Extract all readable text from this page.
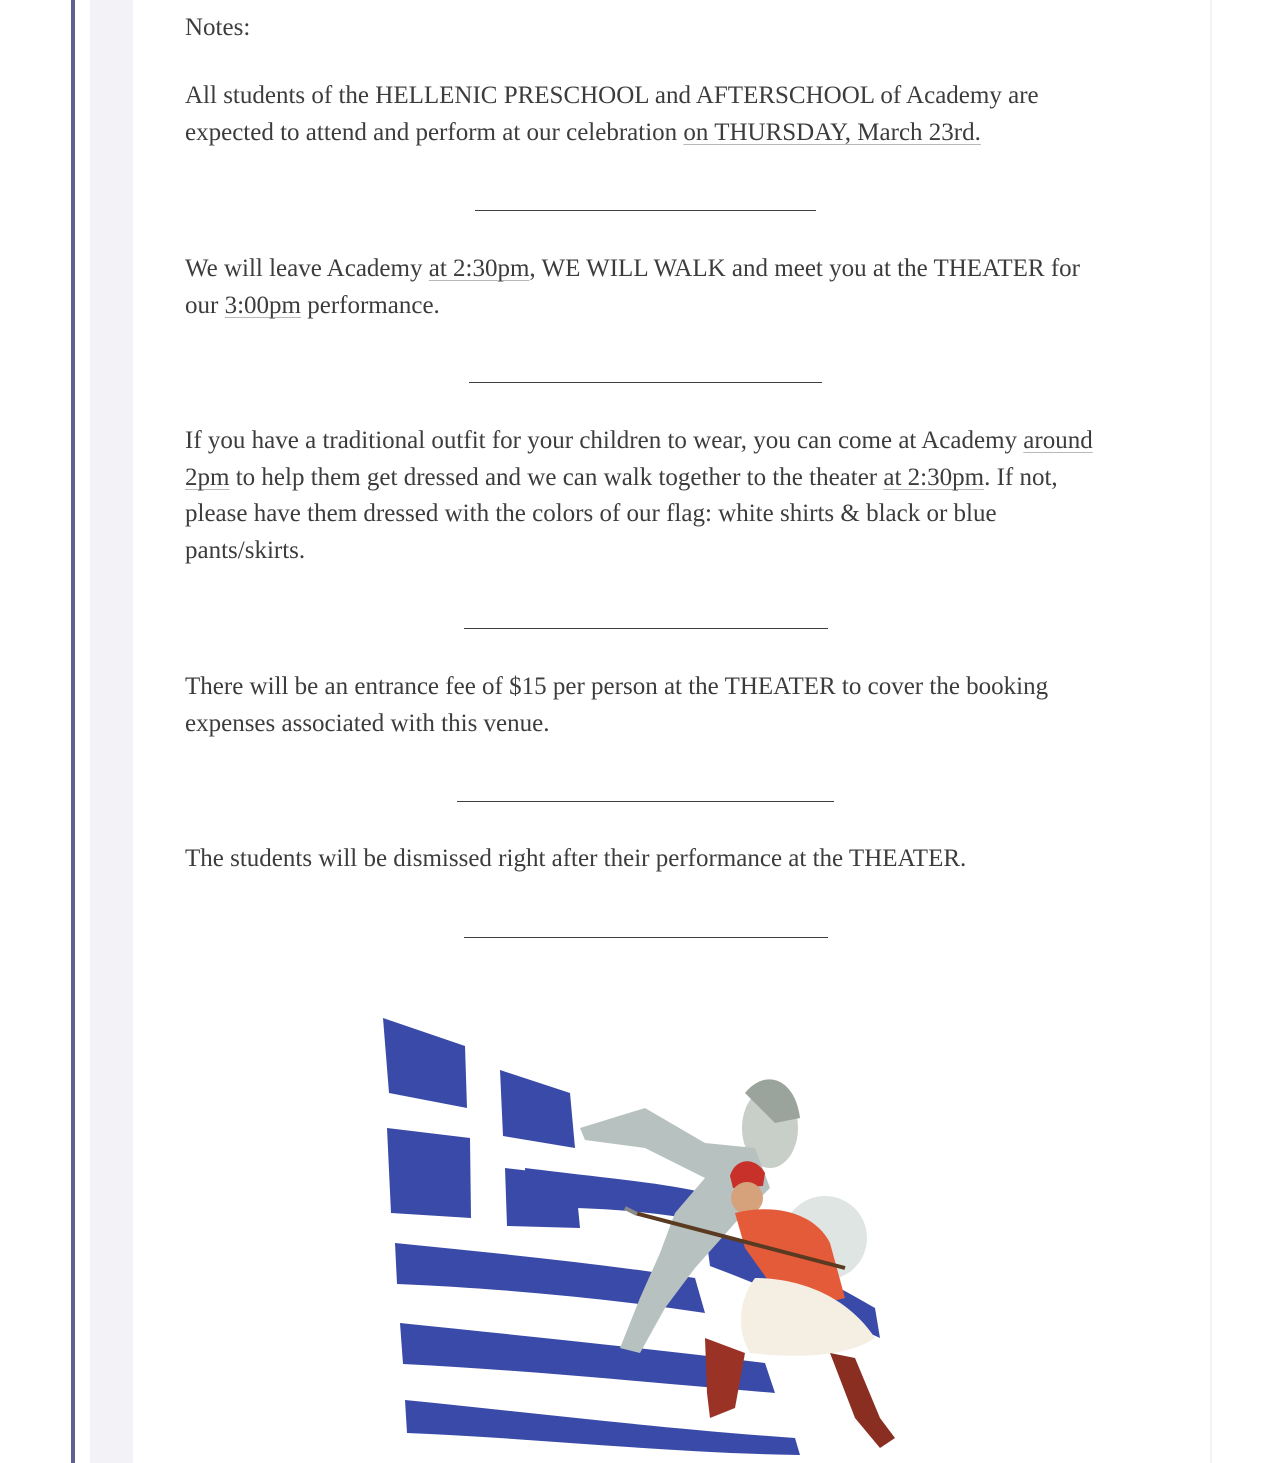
Notes:
All students of the HELLENIC PRESCHOOL and AFTERSCHOOL of Academy are expected to attend and perform at our celebration on THURSDAY, March 23rd.
We will leave Academy at 2:30pm, WE WILL WALK and meet you at the THEATER for our 3:00pm performance.
If you have a traditional outfit for your children to wear, you can come at Academy around 2pm to help them get dressed and we can walk together to the theater at 2:30pm. If not, please have them dressed with the colors of our flag: white shirts & black or blue pants/skirts.
There will be an entrance fee of $15 per person at the THEATER to cover the booking expenses associated with this venue.
The students will be dismissed right after their performance at the THEATER.
